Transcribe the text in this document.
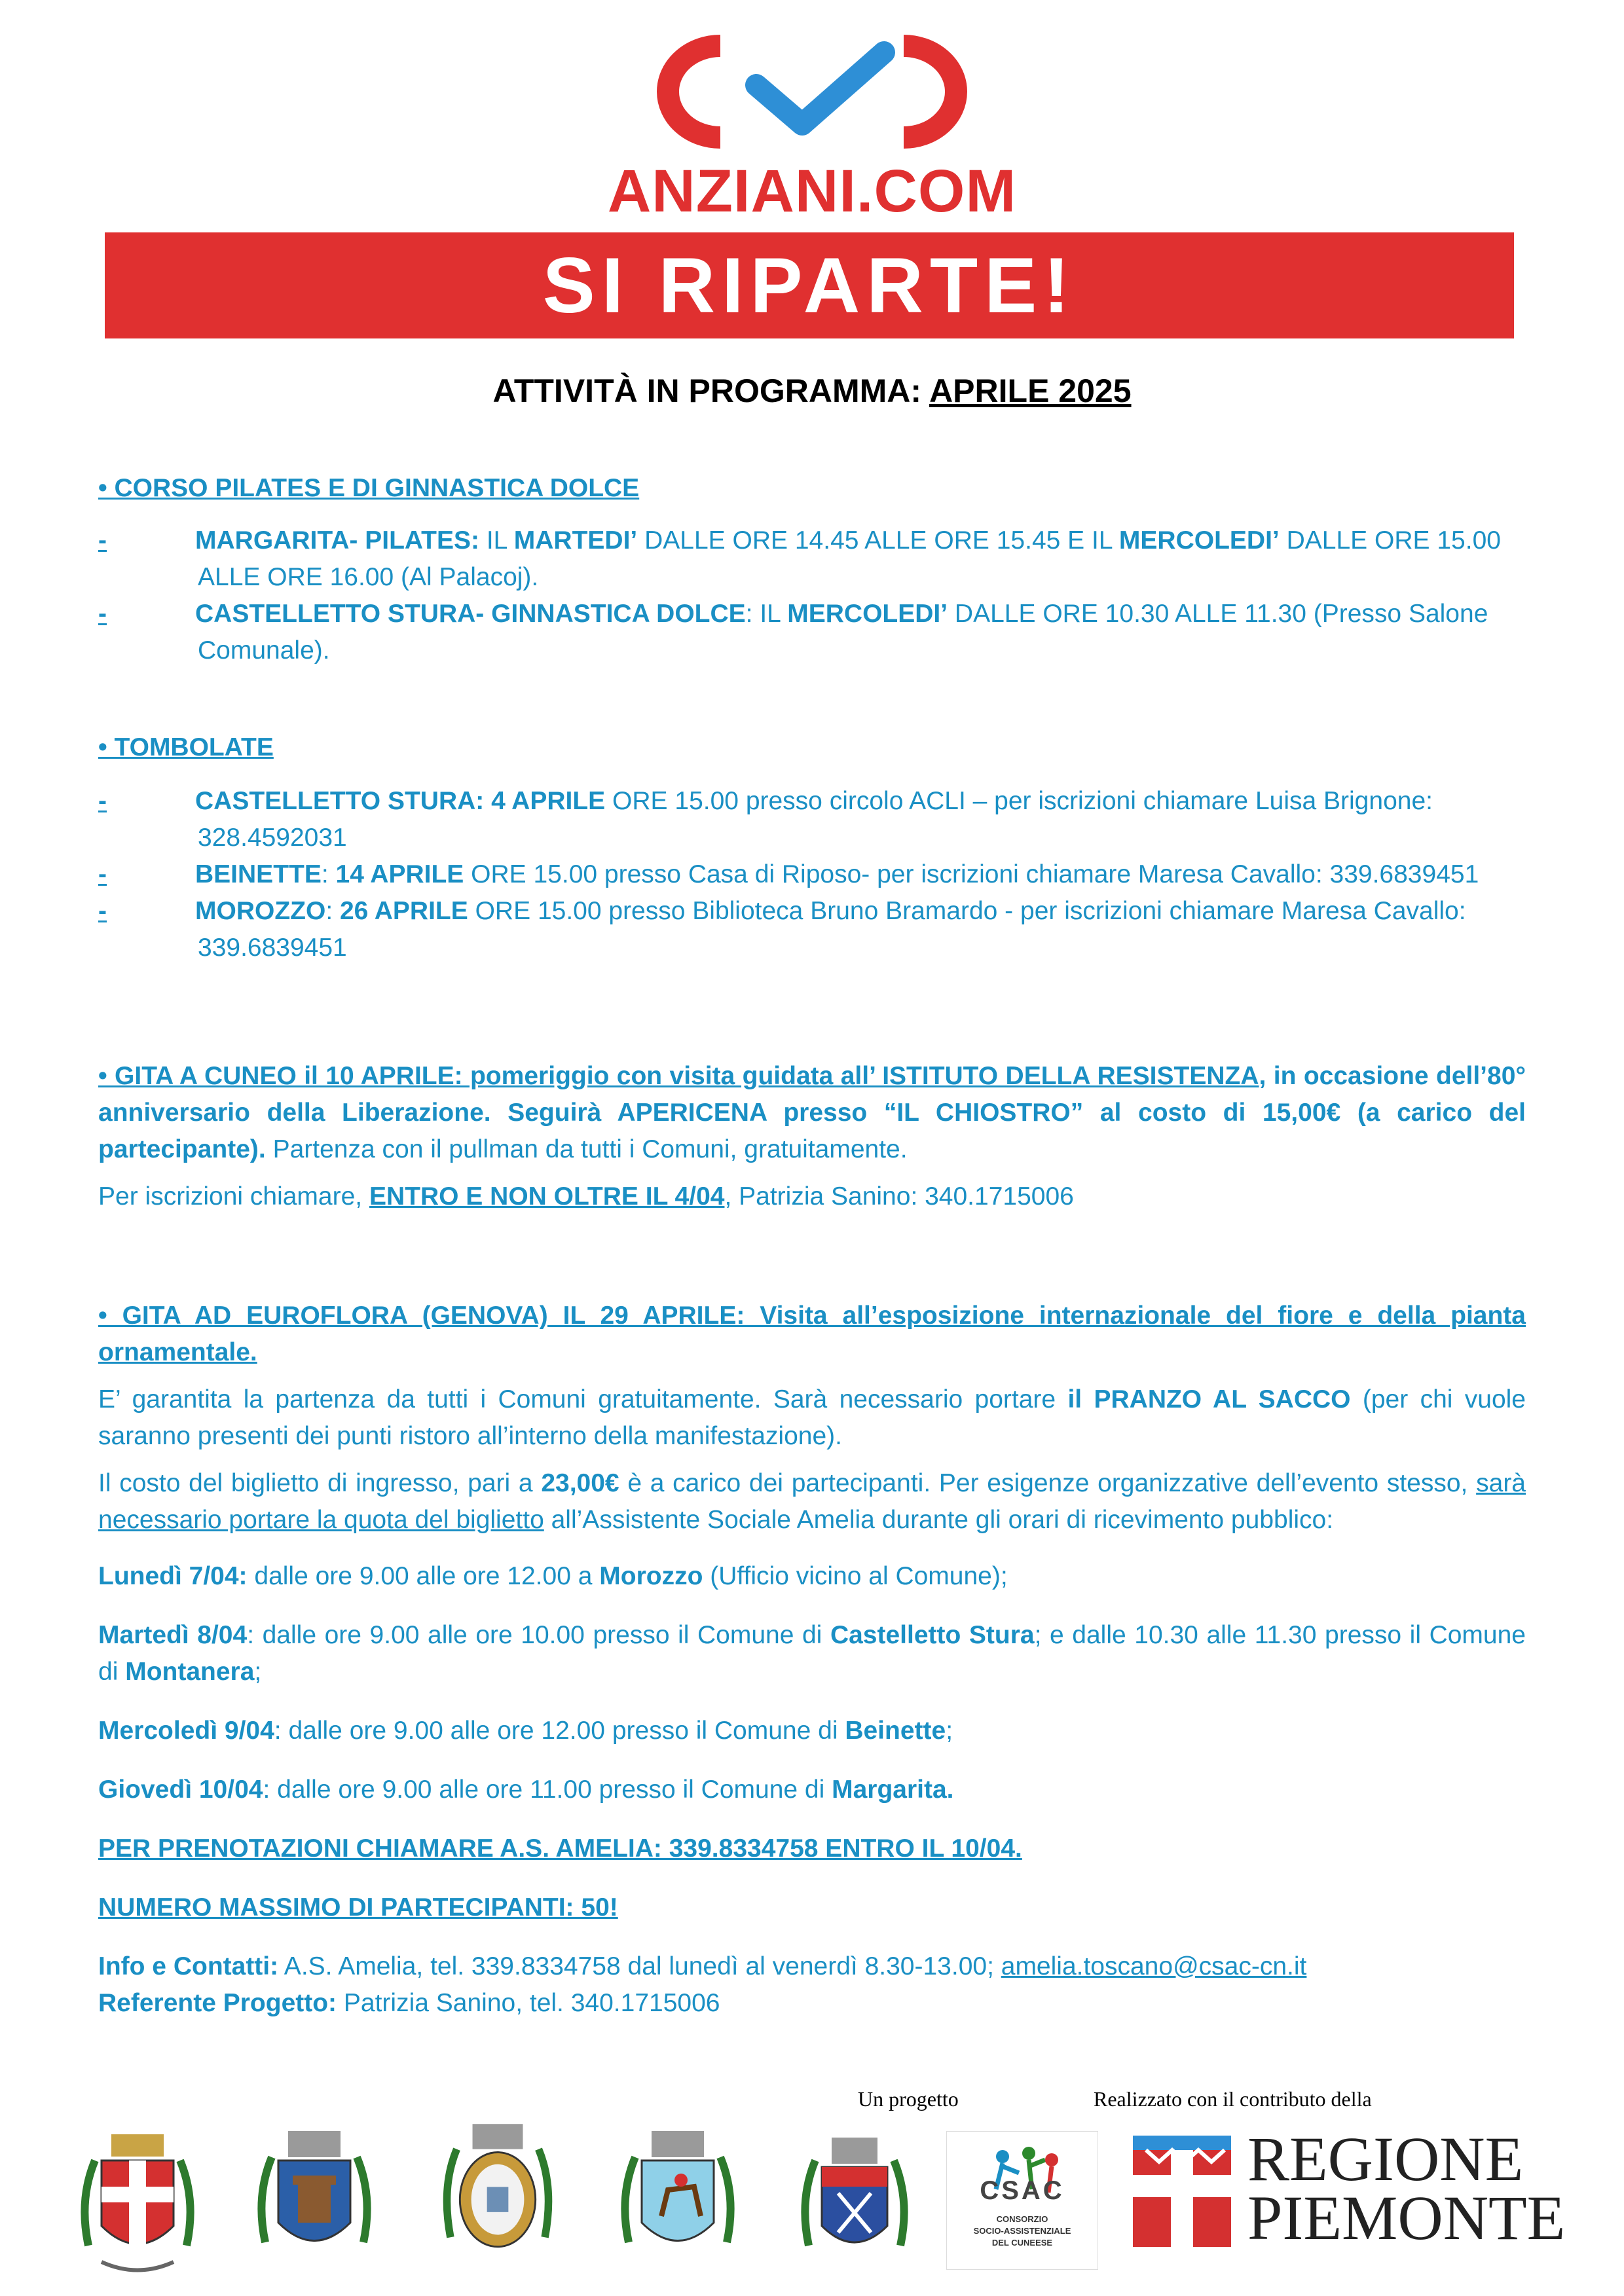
ANZIANI.COM
SI RIPARTE!
ATTIVITÀ IN PROGRAMMA: APRILE 2025
• CORSO PILATES E DI GINNASTICA DOLCE
-	MARGARITA- PILATES: IL MARTEDI’ DALLE ORE 14.45 ALLE ORE 15.45 E IL MERCOLEDI’ DALLE ORE 15.00
ALLE ORE 16.00 (Al Palacoj).
-	CASTELLETTO STURA- GINNASTICA DOLCE: IL MERCOLEDI’ DALLE ORE 10.30 ALLE 11.30 (Presso Salone
Comunale).
• TOMBOLATE
-	CASTELLETTO STURA: 4 APRILE ORE 15.00 presso circolo ACLI – per iscrizioni chiamare Luisa Brignone:
328.4592031
-	BEINETTE: 14 APRILE ORE 15.00 presso Casa di Riposo- per iscrizioni chiamare Maresa Cavallo: 339.6839451
-	MOROZZO: 26 APRILE ORE 15.00 presso Biblioteca Bruno Bramardo - per iscrizioni chiamare Maresa Cavallo:
339.6839451
• GITA A CUNEO il 10 APRILE: pomeriggio con visita guidata all’ ISTITUTO DELLA RESISTENZA, in occasione dell’80° anniversario della Liberazione. Seguirà APERICENA presso “IL CHIOSTRO” al costo di 15,00€ (a carico del partecipante). Partenza con il pullman da tutti i Comuni, gratuitamente.
Per iscrizioni chiamare, ENTRO E NON OLTRE IL 4/04, Patrizia Sanino: 340.1715006
• GITA AD EUROFLORA (GENOVA) IL 29 APRILE: Visita all’esposizione internazionale del fiore e della pianta ornamentale.
E’ garantita la partenza da tutti i Comuni gratuitamente. Sarà necessario portare il PRANZO AL SACCO (per chi vuole saranno presenti dei punti ristoro all’interno della manifestazione).
Il costo del biglietto di ingresso, pari a 23,00€ è a carico dei partecipanti. Per esigenze organizzative dell’evento stesso, sarà necessario portare la quota del biglietto all’Assistente Sociale Amelia durante gli orari di ricevimento pubblico:
Lunedì 7/04: dalle ore 9.00 alle ore 12.00 a Morozzo (Ufficio vicino al Comune);
Martedì 8/04: dalle ore 9.00 alle ore 10.00 presso il Comune di Castelletto Stura; e dalle 10.30 alle 11.30 presso il Comune di Montanera;
Mercoledì 9/04: dalle ore 9.00 alle ore 12.00 presso il Comune di Beinette;
Giovedì 10/04: dalle ore 9.00 alle ore 11.00 presso il Comune di Margarita.
PER PRENOTAZIONI CHIAMARE A.S. AMELIA: 339.8334758 ENTRO IL 10/04.
NUMERO MASSIMO DI PARTECIPANTI: 50!
Info e Contatti: A.S. Amelia, tel. 339.8334758 dal lunedì al venerdì 8.30-13.00; amelia.toscano@csac-cn.it
Referente Progetto: Patrizia Sanino, tel. 340.1715006
Un progetto	Realizzato con il contributo della
CSAC
CONSORZIO
SOCIO-ASSISTENZIALE
DEL CUNEESE
REGIONE
PIEMONTE
